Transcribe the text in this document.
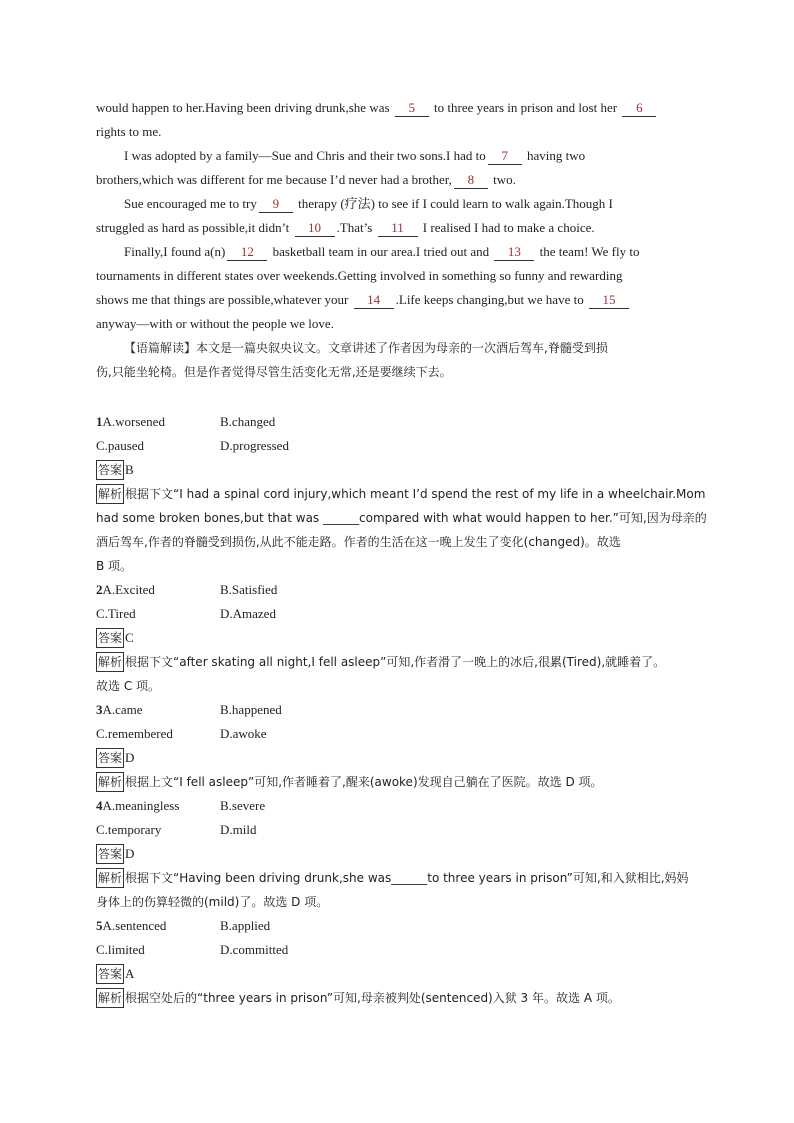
would happen to her.Having been driving drunk,she was 5 to three years in prison and lost her 6
rights to me.
I was adopted by a family—Sue and Chris and their two sons.I had to 7 having two
brothers,which was different for me because I’d never had a brother, 8 two.
Sue encouraged me to try 9 therapy (疗法) to see if I could learn to walk again.Though I
struggled as hard as possible,it didn’t 10 .That’s 11 I realised I had to make a choice.
Finally,I found a(n) 12 basketball team in our area.I tried out and 13 the team! We fly to
tournaments in different states over weekends.Getting involved in something so funny and rewarding
shows me that things are possible,whatever your 14 .Life keeps changing,but we have to 15
anyway—with or without the people we love.
【语篇解读】本文是一篇央叙央议文。文章讲述了作者因为母亲的一次酒后驾车,脊髓受到损
伤,只能坐轮椅。但是作者觉得尽管生活变化无常,还是要继续下去。
1A.worsened	B.changed
C.paused	D.progressed
答案 B
解析 根据下文“I had a spinal cord injury,which meant I’d spend the rest of my life in a wheelchair.Mom
had some broken bones,but that was ______compared with what would happen to her.”可知,因为母亲的
酒后驾车,作者的脊髓受到损伤,从此不能走路。作者的生活在这一晚上发生了变化(changed)。故选
B 项。
2A.Excited	B.Satisfied
C.Tired	D.Amazed
答案 C
解析 根据下文“after skating all night,I fell asleep”可知,作者滑了一晚上的冰后,很累(Tired),就睡着了。
故选 C 项。
3A.came	B.happened
C.remembered	D.awoke
答案 D
解析 根据上文“I fell asleep”可知,作者睡着了,醒来(awoke)发现自己躺在了医院。故选 D 项。
4A.meaningless	B.severe
C.temporary	D.mild
答案 D
解析 根据下文“Having been driving drunk,she was______to three years in prison”可知,和入狱相比,妈妈
身体上的伤算轻微的(mild)了。故选 D 项。
5A.sentenced	B.applied
C.limited	D.committed
答案 A
解析 根据空处后的“three years in prison”可知,母亲被判处(sentenced)入狱 3 年。故选 A 项。
